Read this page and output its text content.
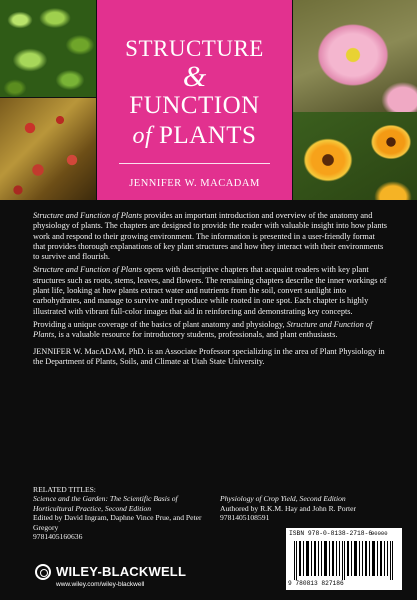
STRUCTURE
&
FUNCTION
of PLANTS
JENNIFER W. MACADAM

Structure and Function of Plants provides an important introduction and overview of the anatomy and physiology of plants. The chapters are designed to provide the reader with valuable insight into how plants work and respond to their growing environment. The information is presented in a user-friendly format that provides thorough explanations of key plant structures and how they interact with their environments to survive and flourish.

Structure and Function of Plants opens with descriptive chapters that acquaint readers with key plant structures such as roots, stems, leaves, and flowers. The remaining chapters describe the inner workings of plant life, looking at how plants extract water and nutrients from the soil, convert sunlight into carbohydrates, and manage to survive and reproduce while rooted in one spot. Each chapter is highly illustrated with vibrant full-color images that aid in reinforcing and demonstrating key concepts.

Providing a unique coverage of the basics of plant anatomy and physiology, Structure and Function of Plants, is a valuable resource for introductory students, professionals, and plant enthusiasts.

JENNIFER W. MacADAM, PhD. is an Associate Professor specializing in the area of Plant Physiology in the Department of Plants, Soils, and Climate at Utah State University.

RELATED TITLES:

Science and the Garden: The Scientific Basis of Horticultural Practice, Second Edition

Edited by David Ingram, Daphne Vince Prue, and Peter Gregory

9781405160636

Physiology of Crop Yield, Second Edition

Authored by R.K.M. Hay and John R. Porter

9781405108591

WILEY-BLACKWELL
www.wiley.com/wiley-blackwell
ISBN 978-0-8138-2718-6
90000
9 780813 827186
